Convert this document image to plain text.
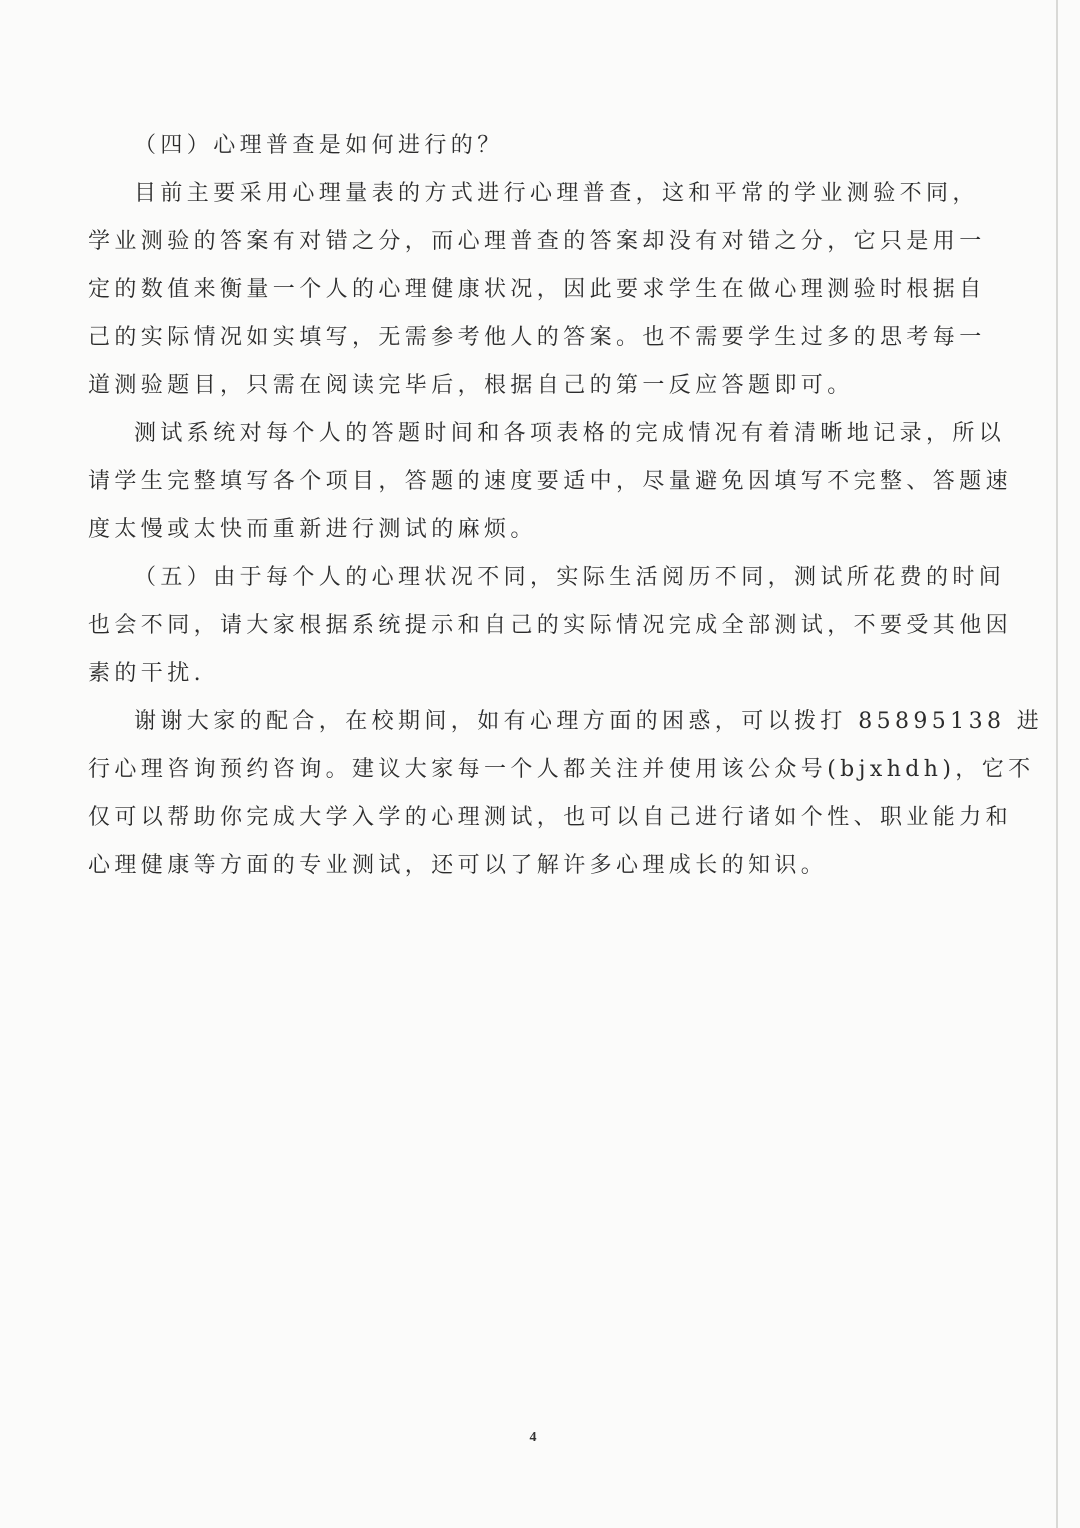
（四）心理普查是如何进行的？
目前主要采用心理量表的方式进行心理普查，这和平常的学业测验不同，
学业测验的答案有对错之分，而心理普查的答案却没有对错之分，它只是用一
定的数值来衡量一个人的心理健康状况，因此要求学生在做心理测验时根据自
己的实际情况如实填写，无需参考他人的答案。也不需要学生过多的思考每一
道测验题目，只需在阅读完毕后，根据自己的第一反应答题即可。
测试系统对每个人的答题时间和各项表格的完成情况有着清晰地记录，所以
请学生完整填写各个项目，答题的速度要适中，尽量避免因填写不完整、答题速
度太慢或太快而重新进行测试的麻烦。
（五）由于每个人的心理状况不同，实际生活阅历不同，测试所花费的时间
也会不同，请大家根据系统提示和自己的实际情况完成全部测试，不要受其他因
素的干扰.
谢谢大家的配合，在校期间，如有心理方面的困惑，可以拨打 85895138 进
行心理咨询预约咨询。建议大家每一个人都关注并使用该公众号(bjxhdh)，它不
仅可以帮助你完成大学入学的心理测试，也可以自己进行诸如个性、职业能力和
心理健康等方面的专业测试，还可以了解许多心理成长的知识。
4
